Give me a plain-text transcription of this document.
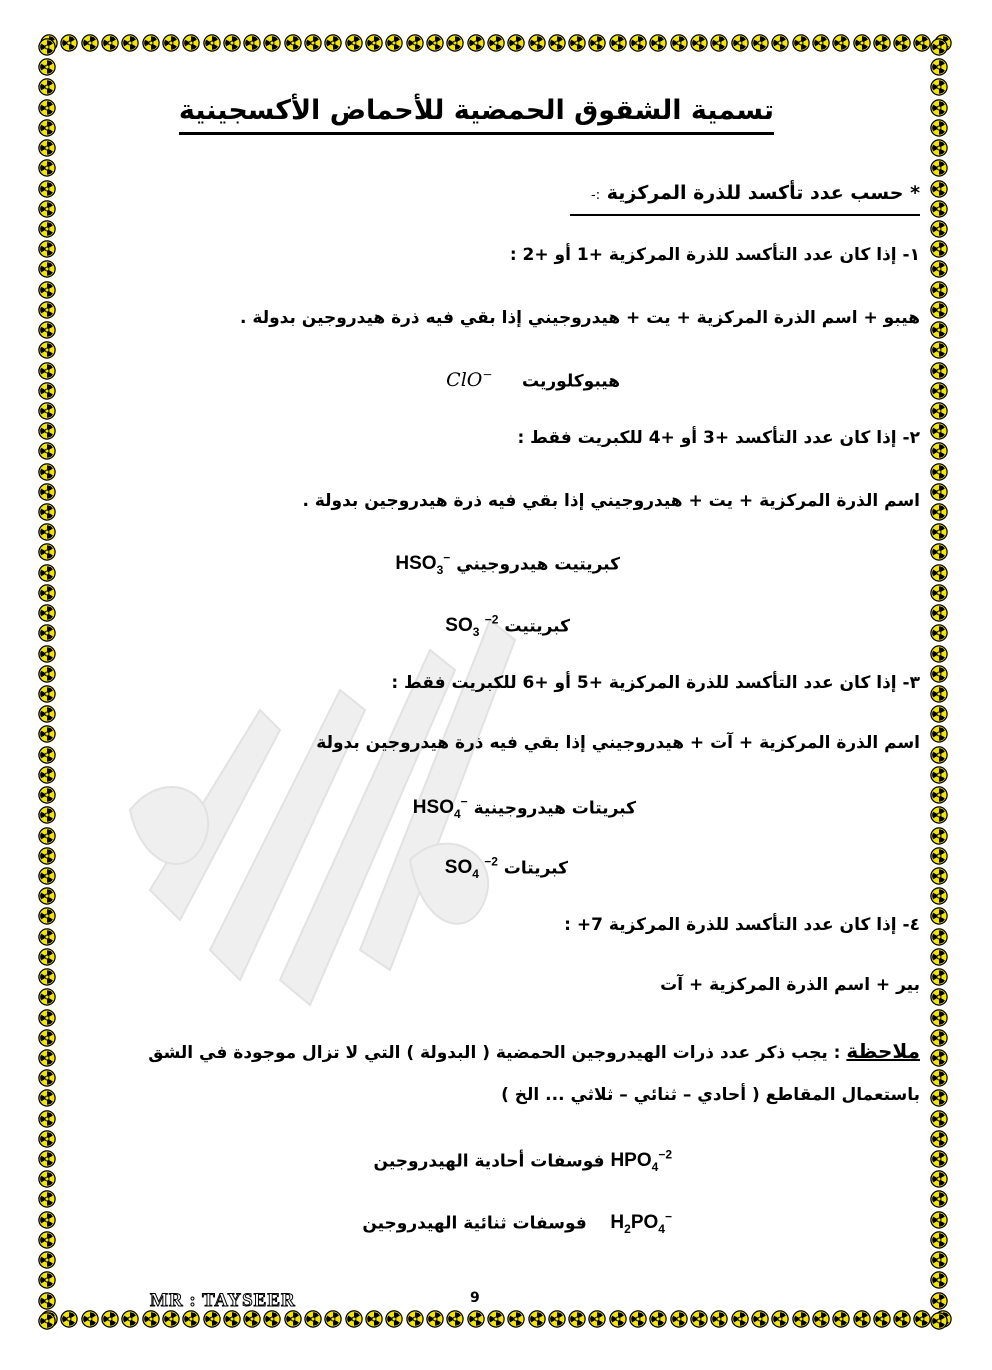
تسمية الشقوق الحمضية للأحماض الأكسجينية
* حسب عدد تأكسد للذرة المركزية :-
١- إذا كان عدد التأكسد للذرة المركزية +1 أو +2 :
هيبو + اسم الذرة المركزية + يت + هيدروجيني إذا بقي فيه ذرة هيدروجين بدولة .
هيبوكلوريت     ClO−
٢- إذا كان عدد التأكسد +3 أو +4 للكبريت فقط :
اسم الذرة المركزية + يت + هيدروجيني إذا بقي فيه ذرة هيدروجين بدولة .
كبريتيت هيدروجيني $HSO_3^-$
كبريتيت $SO_3$ $^{-2}$
٣- إذا كان عدد التأكسد للذرة المركزية +5 أو +6 للكبريت فقط :
اسم الذرة المركزية + آت + هيدروجيني إذا بقي فيه ذرة هيدروجين بدولة
كبريتات هيدروجينية $HSO_4^-$
كبريتات $SO_4$ $^{-2}$
٤- إذا كان عدد التأكسد للذرة المركزية 7+ :
بير + اسم الذرة المركزية + آت
ملاحظة : يجب ذكر عدد ذرات الهيدروجين الحمضية ( البدولة ) التي لا تزال موجودة في الشق
باستعمال المقاطع ( أحادي – ثنائي – ثلاثي ... الخ )
$HPO_4^{-2}$ فوسفات أحادية الهيدروجين
$H_2PO_4^-$    فوسفات ثنائية الهيدروجين
MR : TAYSEER	9
